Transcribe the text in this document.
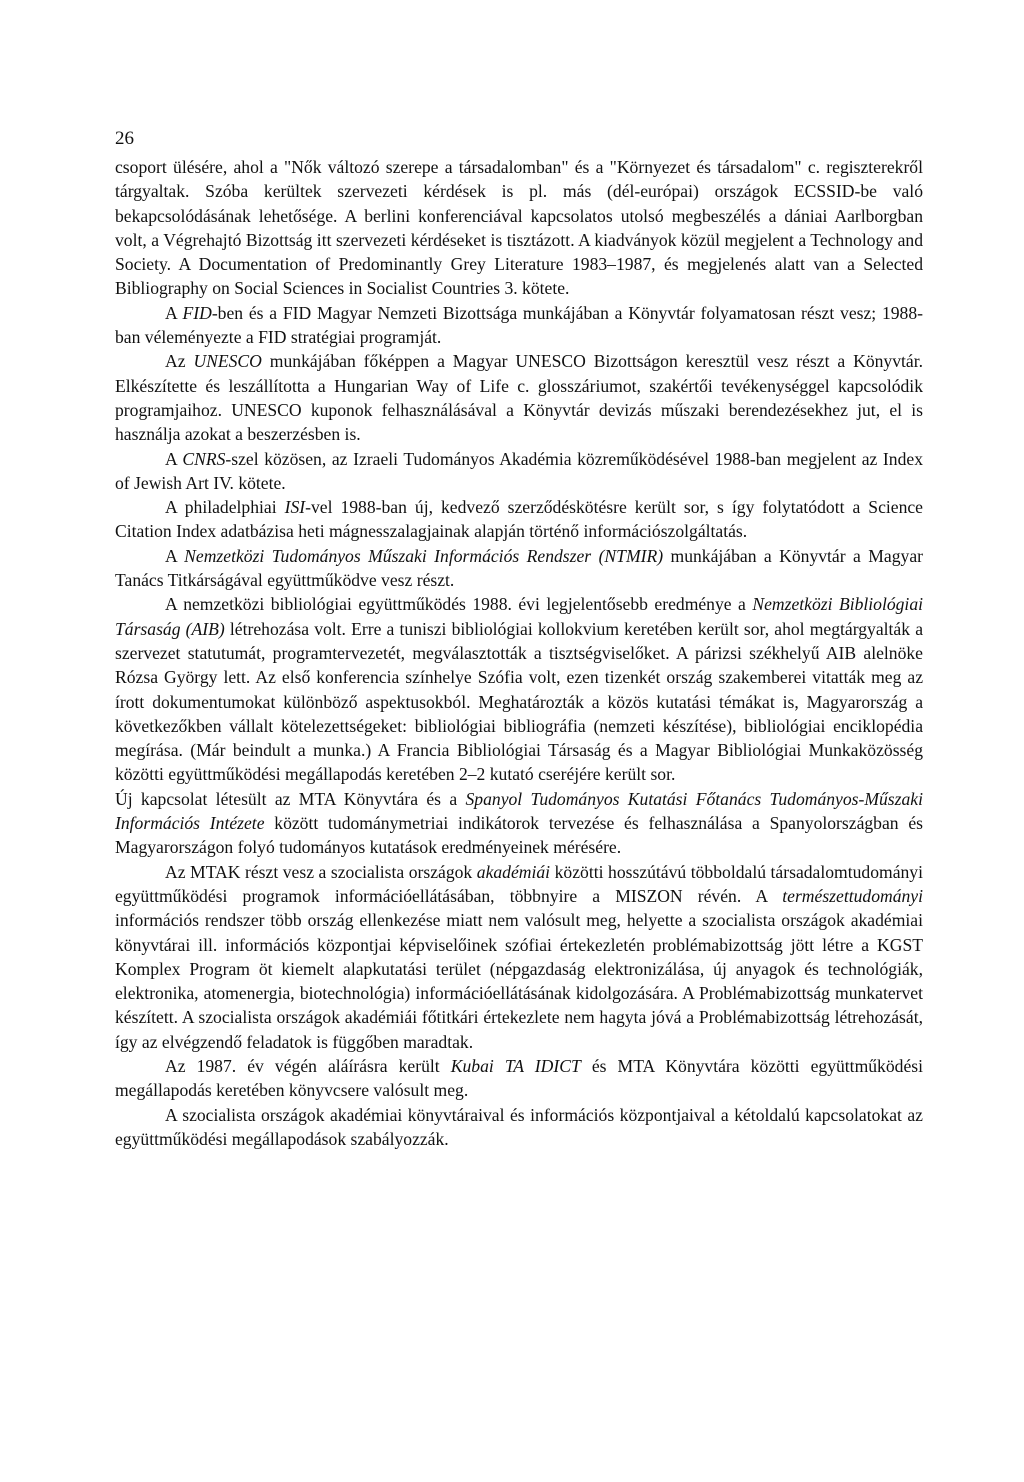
26

csoport ülésére, ahol a "Nők változó szerepe a társadalomban" és a "Környezet és társadalom" c. regiszterekről tárgyaltak. Szóba kerültek szervezeti kérdések is pl. más (dél-európai) országok ECSSID-be való bekapcsolódásának lehetősége. A berlini konferenciával kapcsolatos utolsó megbeszélés a dániai Aarlborgban volt, a Végrehajtó Bizottság itt szervezeti kérdéseket is tisztázott. A kiadványok közül megjelent a Technology and Society. A Documentation of Predominantly Grey Literature 1983–1987, és megjelenés alatt van a Selected Bibliography on Social Sciences in Socialist Countries 3. kötete.

A FID-ben és a FID Magyar Nemzeti Bizottsága munkájában a Könyvtár folyamatosan részt vesz; 1988-ban véleményezte a FID stratégiai programját.

Az UNESCO munkájában főképpen a Magyar UNESCO Bizottságon keresztül vesz részt a Könyvtár. Elkészítette és leszállította a Hungarian Way of Life c. glosszáriumot, szakértői tevékenységgel kapcsolódik programjaihoz. UNESCO kuponok felhasználásával a Könyvtár devizás műszaki berendezésekhez jut, el is használja azokat a beszerzésben is.

A CNRS-szel közösen, az Izraeli Tudományos Akadémia közreműködésével 1988-ban megjelent az Index of Jewish Art IV. kötete.

A philadelphiai ISI-vel 1988-ban új, kedvező szerződéskötésre került sor, s így folytatódott a Science Citation Index adatbázisa heti mágnesszalagjainak alapján történő információszolgáltatás.

A Nemzetközi Tudományos Műszaki Információs Rendszer (NTMIR) munkájában a Könyvtár a Magyar Tanács Titkárságával együttműködve vesz részt.

A nemzetközi bibliológiai együttműködés 1988. évi legjelentősebb eredménye a Nemzetközi Bibliológiai Társaság (AIB) létrehozása volt. Erre a tuniszi bibliológiai kollokvium keretében került sor, ahol megtárgyalták a szervezet statutumát, programtervezetét, megválasztották a tisztségviselőket. A párizsi székhelyű AIB alelnöke Rózsa György lett. Az első konferencia színhelye Szófia volt, ezen tizenkét ország szakemberei vitatták meg az írott dokumentumokat különböző aspektusokból. Meghatározták a közös kutatási témákat is, Magyarország a következőkben vállalt kötelezettségeket: bibliológiai bibliográfia (nemzeti készítése), bibliológiai enciklopédia megírása. (Már beindult a munka.) A Francia Bibliológiai Társaság és a Magyar Bibliológiai Munkaközösség közötti együttműködési megállapodás keretében 2–2 kutató cseréjére került sor.

Új kapcsolat létesült az MTA Könyvtára és a Spanyol Tudományos Kutatási Főtanács Tudományos-Műszaki Információs Intézete között tudománymetriai indikátorok tervezése és felhasználása a Spanyolországban és Magyarországon folyó tudományos kutatások eredményeinek mérésére.

Az MTAK részt vesz a szocialista országok akadémiái közötti hosszútávú többoldalú társadalomtudományi együttműködési programok információellátásában, többnyire a MISZON révén. A természettudományi információs rendszer több ország ellenkezése miatt nem valósult meg, helyette a szocialista országok akadémiai könyvtárai ill. információs központjai képviselőinek szófiai értekezletén problémabizottság jött létre a KGST Komplex Program öt kiemelt alapkutatási terület (népgazdaság elektronizálása, új anyagok és technológiák, elektronika, atomenergia, biotechnológia) információellátásának kidolgozására. A Problémabizottság munkatervet készített. A szocialista országok akadémiái főtitkári értekezlete nem hagyta jóvá a Problémabizottság létrehozását, így az elvégzendő feladatok is függőben maradtak.

Az 1987. év végén aláírásra került Kubai TA IDICT és MTA Könyvtára közötti együttműködési megállapodás keretében könyvcsere valósult meg.

A szocialista országok akadémiai könyvtáraival és információs központjaival a kétoldalú kapcsolatokat az együttműködési megállapodások szabályozzák.
